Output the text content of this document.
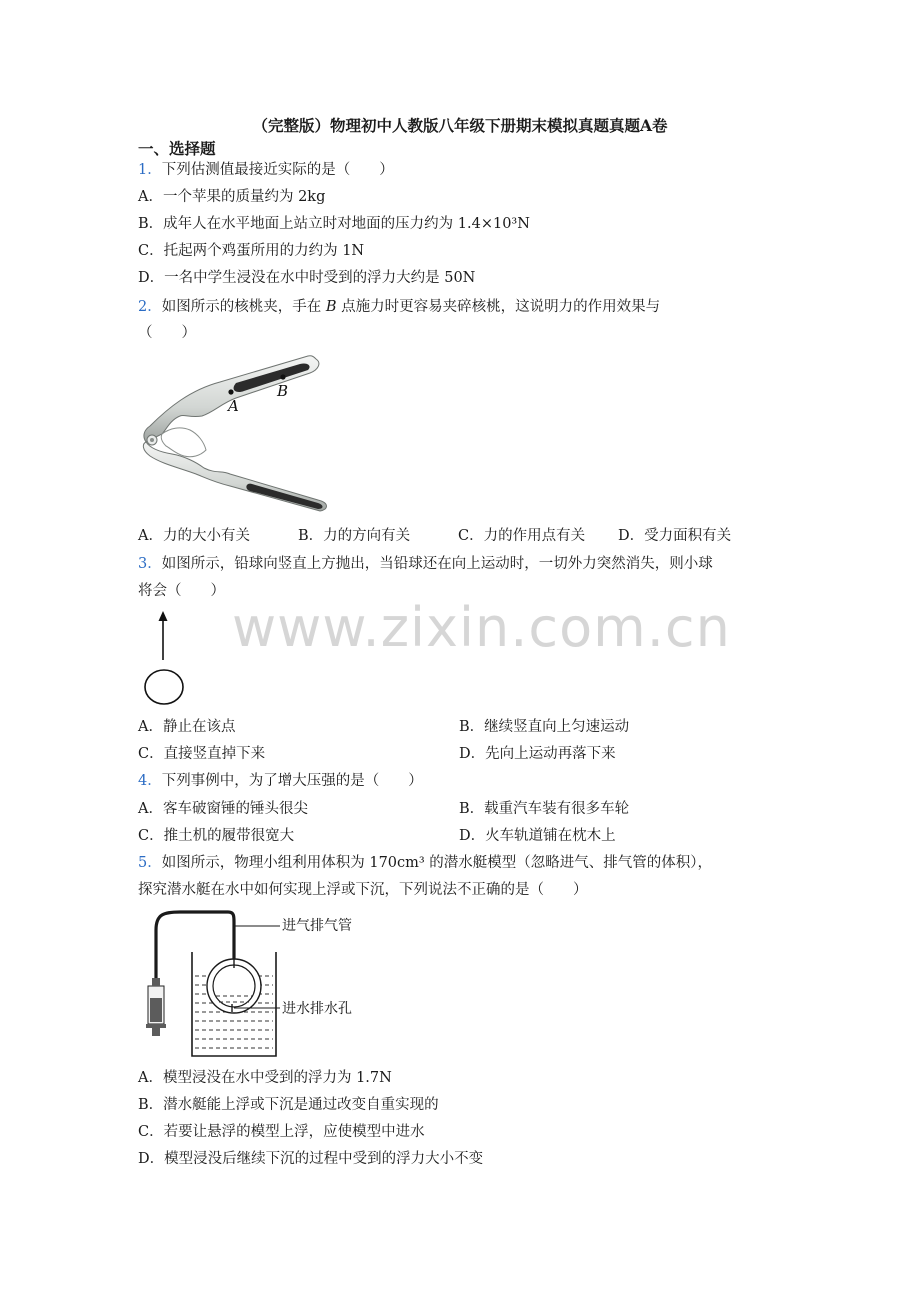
www.zixin.com.cn
（完整版）物理初中人教版八年级下册期末模拟真题真题A卷
一、选择题
1．下列估测值最接近实际的是（　　）
A．一个苹果的质量约为 2kg
B．成年人在水平地面上站立时对地面的压力约为 1.4×10³N
C．托起两个鸡蛋所用的力约为 1N
D．一名中学生浸没在水中时受到的浮力大约是 50N
2．如图所示的核桃夹，手在 B 点施力时更容易夹碎核桃，这说明力的作用效果与
（　　）
A
B
A．力的大小有关	B．力的方向有关	C．力的作用点有关 D．受力面积有关
3．如图所示，铅球向竖直上方抛出，当铅球还在向上运动时，一切外力突然消失，则小球
将会（　　）
A．静止在该点	B．继续竖直向上匀速运动
C．直接竖直掉下来	D．先向上运动再落下来
4．下列事例中，为了增大压强的是（　　）
A．客车破窗锤的锤头很尖	B．载重汽车装有很多车轮
C．推土机的履带很宽大	D．火车轨道铺在枕木上
5．如图所示，物理小组利用体积为 170cm³ 的潜水艇模型（忽略进气、排气管的体积），
探究潜水艇在水中如何实现上浮或下沉，下列说法不正确的是（　　）
进气排气管
进水排水孔
A．模型浸没在水中受到的浮力为 1.7N
B．潜水艇能上浮或下沉是通过改变自重实现的
C．若要让悬浮的模型上浮，应使模型中进水
D．模型浸没后继续下沉的过程中受到的浮力大小不变
